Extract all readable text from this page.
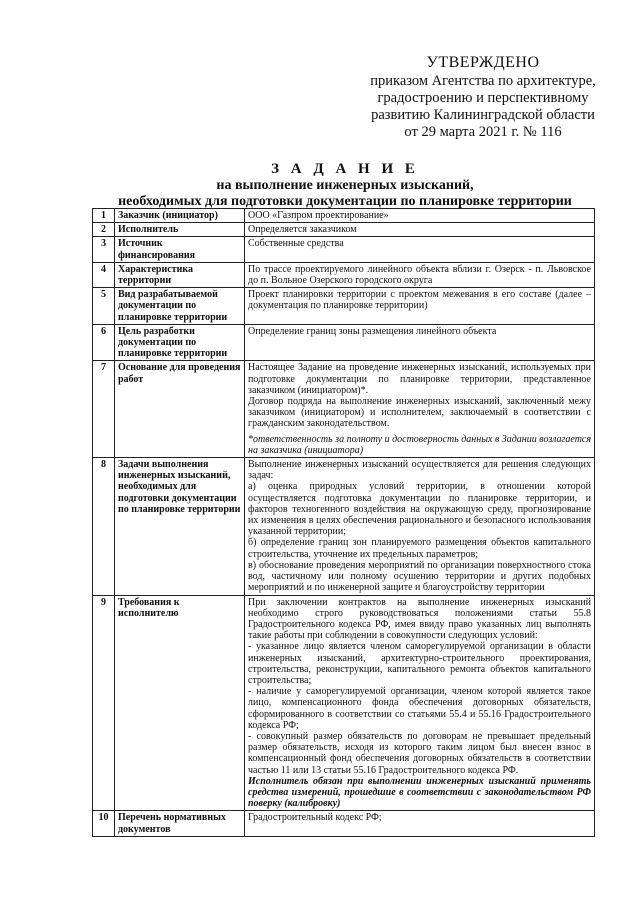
УТВЕРЖДЕНО
приказом Агентства по архитектуре,
градостроению и перспективному
развитию Калининградской области
от 29 марта 2021 г. № 116
З А Д А Н И Е
на выполнение инженерных изысканий,
необходимых для подготовки документации по планировке территории
1	Заказчик (инициатор)	ООО «Газпром проектирование»

2	Исполнитель	Определяется заказчиком

3	Источник финансирования	Собственные средства

4	Характеристика территории	По трассе проектируемого линейного объекта вблизи г. Озерск - п. Львовское до п. Вольное Озерского городского округа

5	Вид разрабатываемой документации по планировке территории	Проект планировки территории с проектом межевания в его составе (далее – документация по планировке территории)

6	Цель разработки документации по планировке территории	Определение границ зоны размещения линейного объекта

7	Основание для проведения работ	Настоящее Задание на проведение инженерных изысканий, используемых при подготовке документации по планировке территории, представленное заказчиком (инициатором)*.
Договор подряда на выполнение инженерных изысканий, заключенный межу заказчиком (инициатором) и исполнителем, заключаемый в соответствии с гражданским законодательством.
*ответственность за полноту и достоверность данных в Задании возлагается на заказчика (инициатора)

8	Задачи выполнения инженерных изысканий, необходимых для подготовки документации по планировке территории	Выполнение инженерных изысканий осуществляется для решения следующих задач:
а) оценка природных условий территории, в отношении которой осуществляется подготовка документации по планировке территории, и факторов техногенного воздействия на окружающую среду, прогнозирование их изменения в целях обеспечения рационального и безопасного использования указанной территории;
б) определение границ зон планируемого размещения объектов капитального строительства, уточнение их предельных параметров;
в) обоснование проведения мероприятий по организации поверхностного стока вод, частичному или полному осушению территории и других подобных мероприятий и по инженерной защите и благоустройству территории

9	Требования к исполнителю	При заключении контрактов на выполнение инженерных изысканий необходимо строго руководствоваться положениями статьи 55.8 Градостроительного кодекса РФ, имея ввиду право указанных лиц выполнять такие работы при соблюдении в совокупности следующих условий:
- указанное лицо является членом саморегулируемой организации в области инженерных изысканий, архитектурно-строительного проектирования, строительства, реконструкции, капитального ремонта объектов капитального строительства;
- наличие у саморегулируемой организации, членом которой является такое лицо, компенсационного фонда обеспечения договорных обязательств, сформированного в соответствии со статьями 55.4 и 55.16 Градостроительного кодекса РФ;
- совокупный размер обязательств по договорам не превышает предельный размер обязательств, исходя из которого таким лицом был внесен взнос в компенсационный фонд обеспечения договорных обязательств в соответствии частью 11 или 13 статьи 55.16 Градостроительного кодекса РФ.
Исполнитель обязан при выполнении инженерных изысканий применять средства измерений, прошедшие в соответствии с законодательством РФ поверку (калибровку)

10	Перечень нормативных документов	Градостроительный кодекс РФ;
